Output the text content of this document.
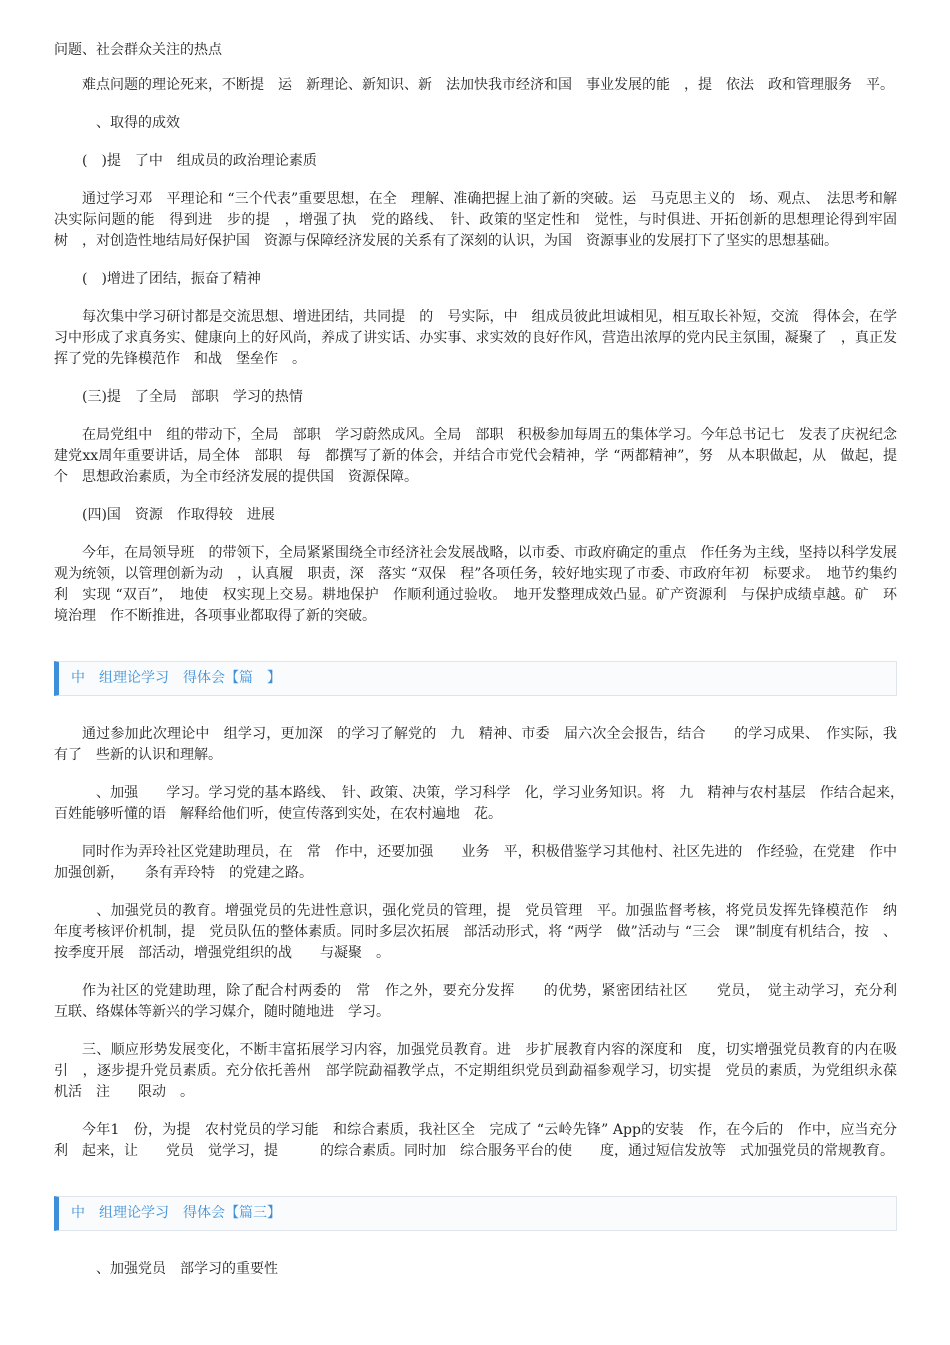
问题、社会群众关注的热点

难点问题的理论死来，不断提　运　新理论、新知识、新　法加快我市经济和国　事业发展的能　，提　依法　政和管理服务　平。

　、取得的成效

(　)提　了中　组成员的政治理论素质

通过学习邓　平理论和 “三个代表”重要思想，在全　理解、准确把握上油了新的突破。运　马克思主义的　场、观点、　法思考和解决实际问题的能　得到进　步的提　，增强了执　党的路线、　针、政策的坚定性和　觉性，与时俱进、开拓创新的思想理论得到牢固树　，对创造性地结局好保护国　资源与保障经济发展的关系有了深刻的认识，为国　资源事业的发展打下了坚实的思想基础。

(　)增进了团结，振奋了精神

每次集中学习研讨都是交流思想、增进团结，共同提　的　号实际，中　组成员彼此坦诚相见，相互取长补短，交流　得体会，在学习中形成了求真务实、健康向上的好风尚，养成了讲实话、办实事、求实效的良好作风，营造出浓厚的党内民主氛围，凝聚了　，真正发挥了党的先锋模范作　和战　堡垒作　。

(三)提　了全局　部职　学习的热情

在局党组中　组的带动下，全局　部职　学习蔚然成风。全局　部职　积极参加每周五的集体学习。今年总书记七　发表了庆祝纪念建党xx周年重要讲话，局全体　部职　每　都撰写了新的体会，并结合市党代会精神，学 “两都精神”，努　从本职做起，从　做起，提　个　思想政治素质，为全市经济发展的提供国　资源保障。

(四)国　资源　作取得较　进展

今年，在局领导班　的带领下，全局紧紧围绕全市经济社会发展战略，以市委、市政府确定的重点　作任务为主线，坚持以科学发展观为统领，以管理创新为动　，认真履　职责，深　落实 “双保　程”各项任务，较好地实现了市委、市政府年初　标要求。　地节约集约利　实现 “双百”，　地使　权实现上交易。耕地保护　作顺利通过验收。　地开发整理成效凸显。矿产资源利　与保护成绩卓越。矿　环境治理　作不断推进，各项事业都取得了新的突破。

中　组理论学习　得体会【篇　】

通过参加此次理论中　组学习，更加深　的学习了解党的　九　精神、市委　届六次全会报告，结合　　的学习成果、　作实际，我有了　些新的认识和理解。

　、加强　　学习。学习党的基本路线、　针、政策、决策，学习科学　化，学习业务知识。将　九　精神与农村基层　作结合起来，　百姓能够听懂的语　解释给他们听，使宣传落到实处，在农村遍地　花。

同时作为弄玲社区党建助理员，在　常　作中，还要加强　　业务　平，积极借鉴学习其他村、社区先进的　作经验，在党建　作中加强创新，　　条有弄玲特　的党建之路。

　、加强党员的教育。增强党员的先进性意识，强化党员的管理，提　党员管理　平。加强监督考核，将党员发挥先锋模范作　纳　年度考核评价机制，提　党员队伍的整体素质。同时多层次拓展　部活动形式，将 “两学　做”活动与 “三会　课”制度有机结合，按　、按季度开展　部活动，增强党组织的战　　与凝聚　。

作为社区的党建助理，除了配合村两委的　常　作之外，要充分发挥　　的优势，紧密团结社区　　党员，　觉主动学习，充分利　互联、络媒体等新兴的学习媒介，随时随地进　学习。

三、顺应形势发展变化，不断丰富拓展学习内容，加强党员教育。进　步扩展教育内容的深度和　度，切实增强党员教育的内在吸引　，逐步提升党员素质。充分依托善州　部学院勐福教学点，不定期组织党员到勐福参观学习，切实提　党员的素质，为党组织永葆　机活　注　　限动　。

今年1　份，为提　农村党员的学习能　和综合素质，我社区全　完成了 “云岭先锋” App的安装　作，在今后的　作中，应当充分利　起来，让　　党员　觉学习，提　　　的综合素质。同时加　综合服务平台的使　　度，通过短信发放等　式加强党员的常规教育。

中　组理论学习　得体会【篇三】

　、加强党员　部学习的重要性
